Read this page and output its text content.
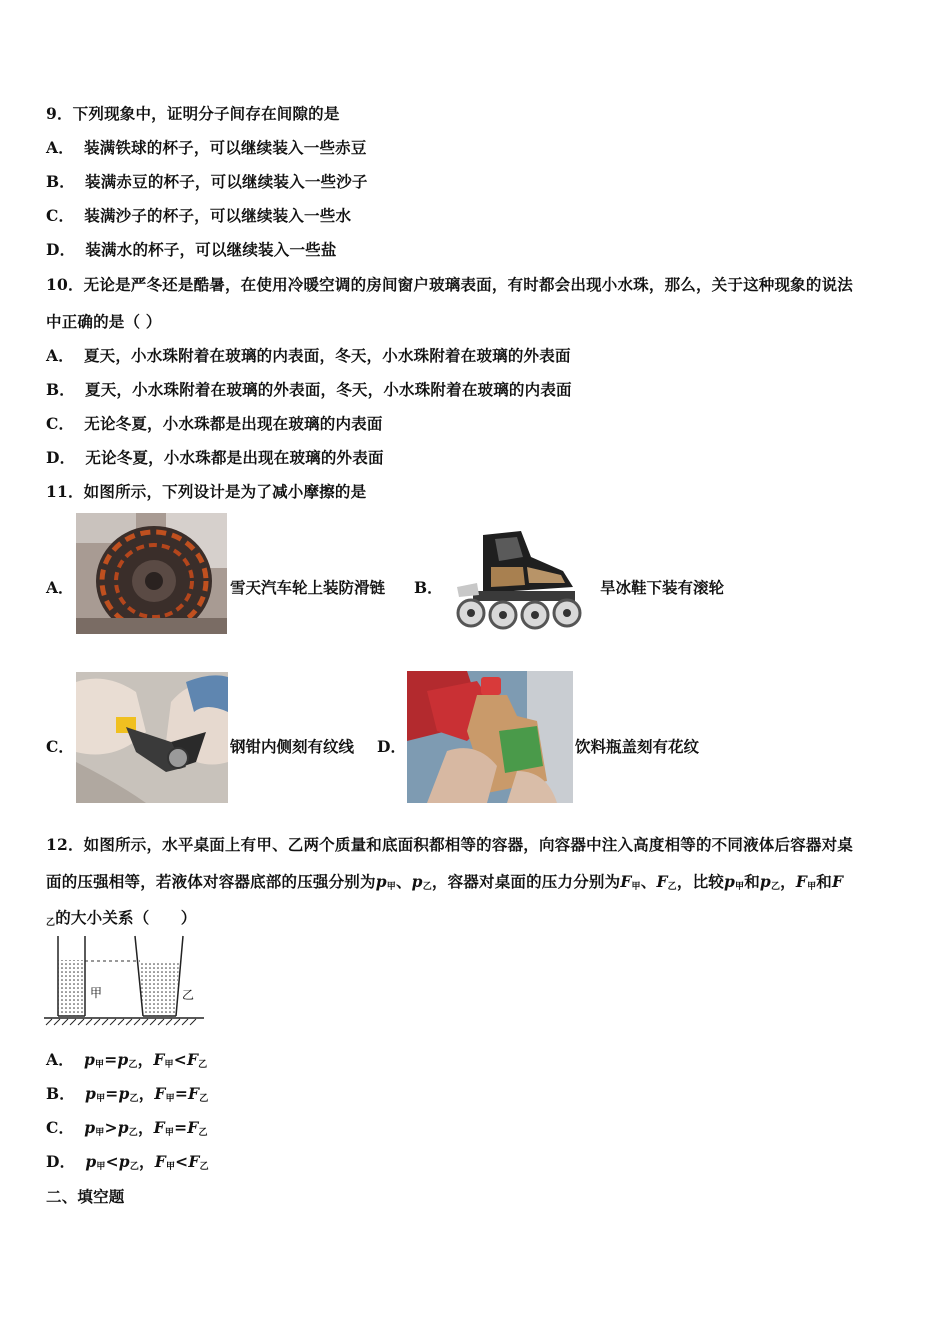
9．下列现象中，证明分子间存在间隙的是
A． 装满铁球的杯子，可以继续装入一些赤豆
B． 装满赤豆的杯子，可以继续装入一些沙子
C． 装满沙子的杯子，可以继续装入一些水
D． 装满水的杯子，可以继续装入一些盐
10．无论是严冬还是酷暑，在使用冷暖空调的房间窗户玻璃表面，有时都会出现小水珠，那么，关于这种现象的说法
中正确的是（ ）
A． 夏天，小水珠附着在玻璃的内表面，冬天，小水珠附着在玻璃的外表面
B． 夏天，小水珠附着在玻璃的外表面，冬天，小水珠附着在玻璃的内表面
C． 无论冬夏，小水珠都是出现在玻璃的内表面
D． 无论冬夏，小水珠都是出现在玻璃的外表面
11．如图所示，下列设计是为了减小摩擦的是
A．	雪天汽车轮上装防滑链 B．	旱冰鞋下装有滚轮
C．	钢钳内侧刻有纹线 D．	饮料瓶盖刻有花纹
12．如图所示，水平桌面上有甲、乙两个质量和底面积都相等的容器，向容器中注入高度相等的不同液体后容器对桌
面的压强相等，若液体对容器底部的压强分别为$p_甲$、$p_乙$，容器对桌面的压力分别为$F_甲$、$F_乙$，比较$p_甲$和$p_乙$，$F_甲$和F
$_乙$的大小关系（　　）
甲	乙
A． $p_甲=p_乙$，$F_甲<F_乙$
B． $p_甲=p_乙$，$F_甲=F_乙$
C． $p_甲>p_乙$，$F_甲=F_乙$
D． $p_甲<p_乙$，$F_甲<F_乙$
二、填空题
